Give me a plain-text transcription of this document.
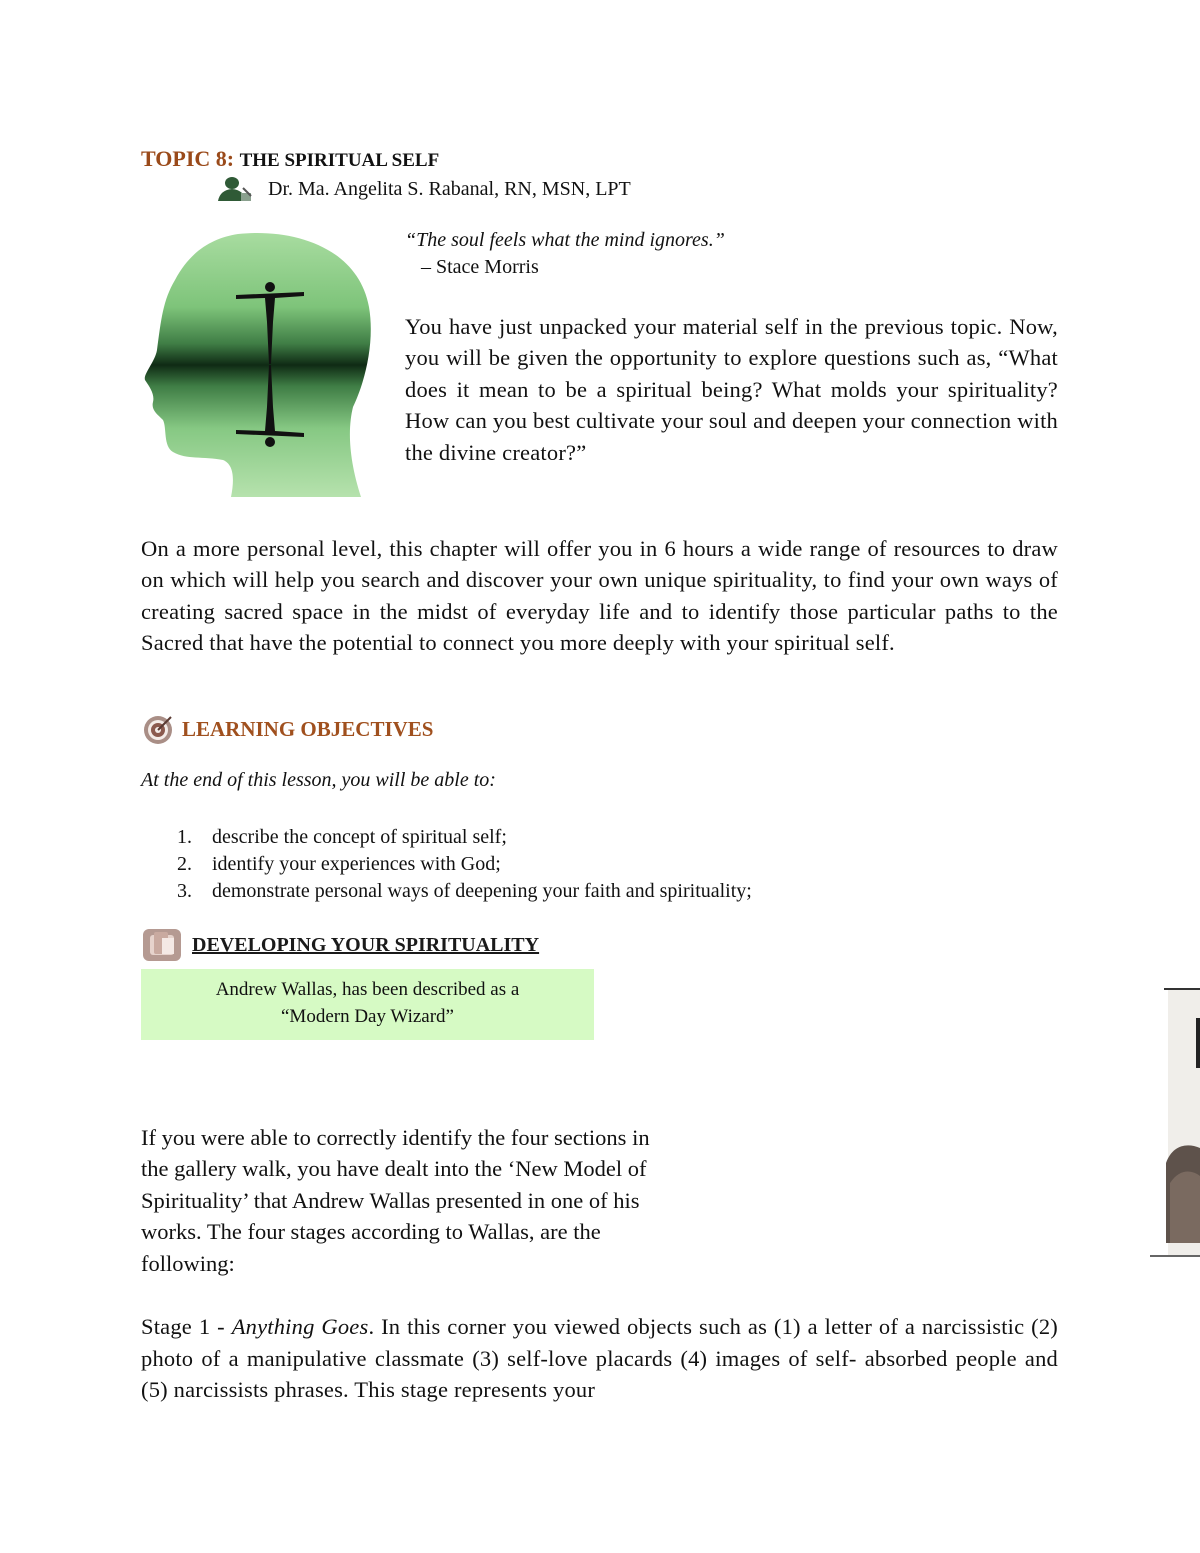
TOPIC 8: THE SPIRITUAL SELF
Dr. Ma. Angelita S. Rabanal, RN, MSN, LPT
“The soul feels what the mind ignores.”
– Stace Morris
You have just unpacked your material self in the previous topic. Now, you will be given the opportunity to explore questions such as, “What does it mean to be a spiritual being? What molds your spirituality? How can you best cultivate your soul and deepen your connection with the divine creator?”
On a more personal level, this chapter will offer you in 6 hours a wide range of resources to draw on which will help you search and discover your own unique spirituality, to find your own ways of creating sacred space in the midst of everyday life and to identify those particular paths to the Sacred that have the potential to connect you more deeply with your spiritual self.
LEARNING OBJECTIVES
At the end of this lesson, you will be able to:
1.	describe the concept of spiritual self;
2.	identify your experiences with God;
3.	demonstrate personal ways of deepening your faith and spirituality;
DEVELOPING YOUR SPIRITUALITY
Andrew Wallas, has been described as a
“Modern Day Wizard”
If you were able to correctly identify the four sections in the gallery walk, you have dealt into the ‘New Model of Spirituality’ that Andrew Wallas presented in one of his works. The four stages according to Wallas, are the following:
Stage 1 - Anything Goes. In this corner you viewed objects such as (1) a letter of a narcissistic (2) photo of a manipulative classmate (3) self-love placards (4) images of self- absorbed people and (5) narcissists phrases. This stage represents your
